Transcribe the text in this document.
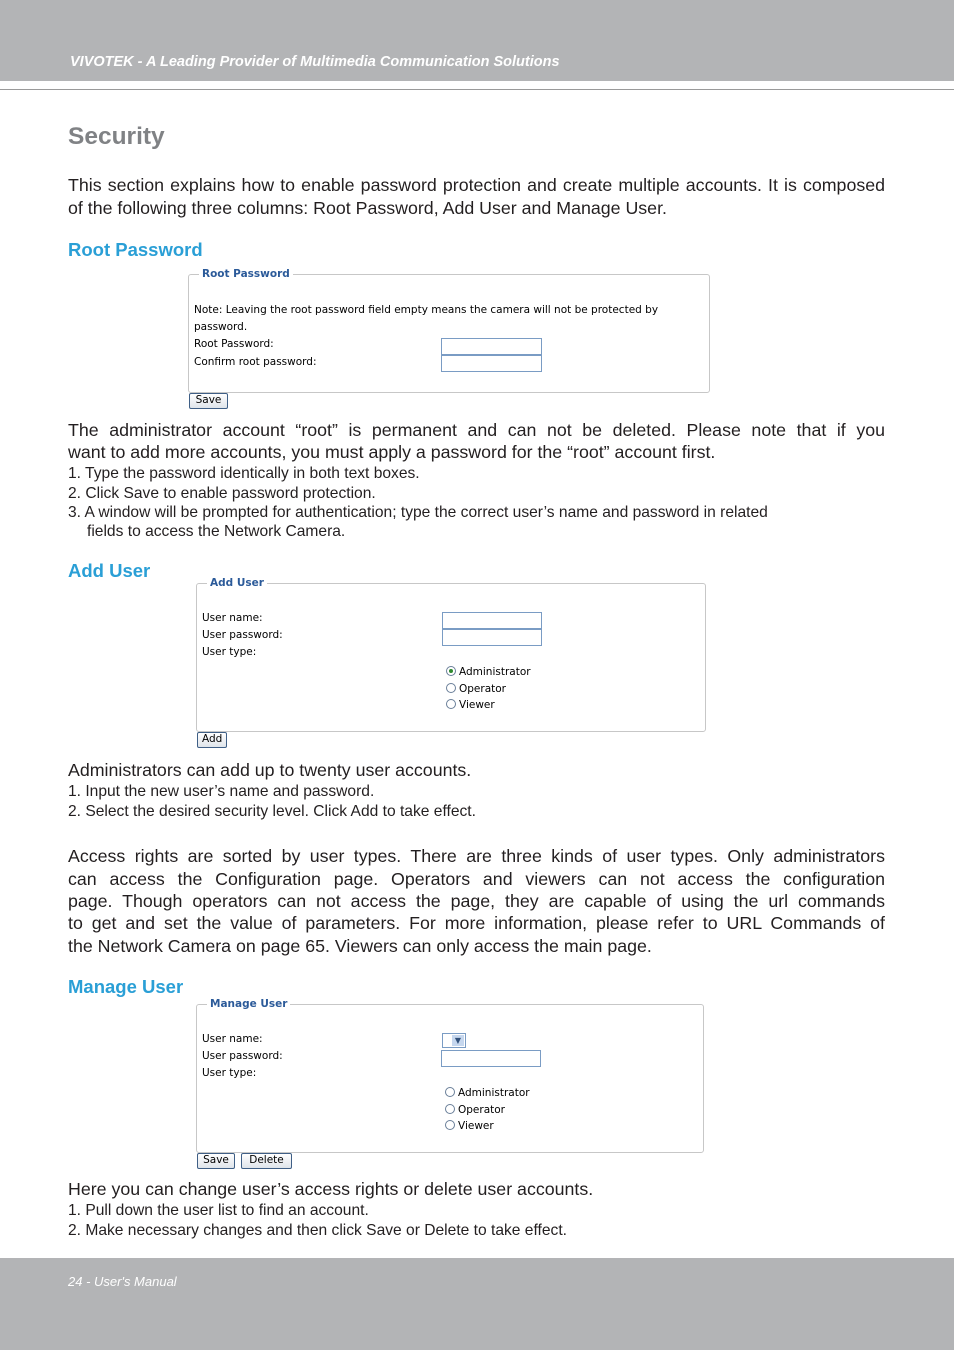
VIVOTEK - A Leading Provider of Multimedia Communication Solutions
Security

This section explains how to enable password protection and create multiple accounts. It is composed of the following three columns: Root Password, Add User and Manage User.

Root Password
Root Password
Note: Leaving the root password field empty means the camera will not be protected by
password.
Root Password:
Confirm root password:
Save

The administrator account “root” is permanent and can not be deleted. Please note that if you

want to add more accounts, you must apply a password for the “root” account first.

1. Type the password identically in both text boxes.
2. Click Save to enable password protection.
3. A window will be prompted for authentication; type the correct user’s name and password in related
fields to access the Network Camera.
Add User
Add User
User name:
User password:
User type:
Administrator
Operator
Viewer
Add

Administrators can add up to twenty user accounts.

1. Input the new user’s name and password.
2. Select the desired security level. Click Add to take effect.
Access rights are sorted by user types. There are three kinds of user types. Only administrators
can access the Configuration page. Operators and viewers can not access the configuration
page. Though operators can not access the page, they are capable of using the url commands
to get and set the value of parameters. For more information, please refer to URL Commands of
the Network Camera on page 65. Viewers can only access the main page.
Manage User
Manage User
User name:
User password:
User type:
▼
Administrator
Operator
Viewer
Save	Delete

Here you can change user’s access rights or delete user accounts.

1. Pull down the user list to find an account.
2. Make necessary changes and then click Save or Delete to take effect.
24 - User's Manual
